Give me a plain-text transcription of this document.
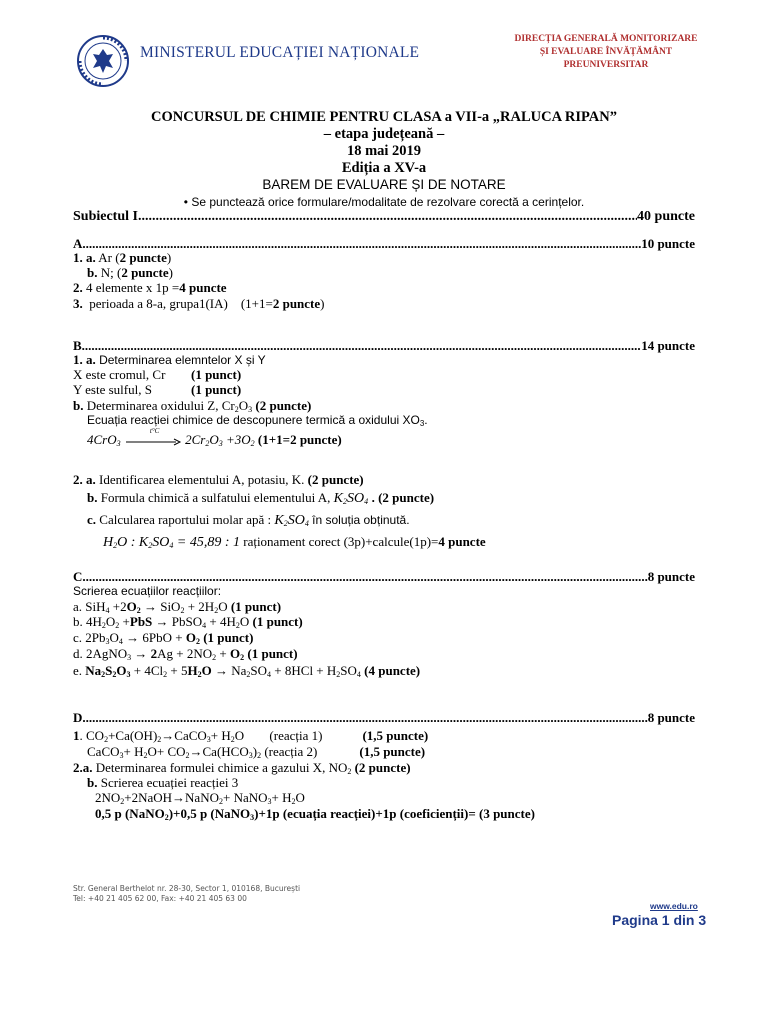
MINISTERUL EDUCAȚIEI NAȚIONALE
DIRECȚIA GENERALĂ MONITORIZARE
ȘI EVALUARE ÎNVĂȚĂMÂNT
PREUNIVERSITAR
CONCURSUL DE CHIMIE PENTRU CLASA a VII-a „RALUCA RIPAN”
– etapa județeană –
18 mai 2019
Ediția a XV-a
BAREM DE EVALUARE ȘI DE NOTARE
• Se punctează orice formulare/modalitate de rezolvare corectă a cerințelor.
Subiectul I .....	40 puncte
A. .....	10 puncte
1. a. Ar (2 puncte)
b. N; (2 puncte)
2. 4 elemente x 1p =4 puncte
3.  perioada a 8-a, grupa1(IA)    (1+1=2 puncte)
B. .....	14 puncte
1. a. Determinarea elemntelor X și Y
X este cromul, Cr (1 punct)
Y este sulful, S	(1 punct)
b. Determinarea oxidului Z, $Cr_2O_3$ (2 puncte)
Ecuația reacției chimice de descopunere termică a oxidului $XO_3$.
4CrO$_3$
t°C
$2Cr_2O_3 +3O_2$ (1+1=2 puncte)
2. a. Identificarea elementului A, potasiu, K. (2 puncte)
b. Formula chimică a sulfatului elementului A, $K_2SO_4$ . (2 puncte)
c. Calcularea raportului molar apă : $K_2SO_4$ în soluția obținută.
$H_2O$ : $K_2SO_4 = 45,89$ : 1 raționament corect (3p)+calcule(1p)=4 puncte
C. .....	8 puncte
Scrierea ecuațiilor reacțiilor:
a. $SiH_4 +2O_2 \to SiO_2 + 2H_2O$ (1 punct)
b. $4H_2O_2 +PbS$ → PbSO$_4$ + $4H_2O$ (1 punct)
c. $2Pb_3O_4 \to 6PbO + O_2$ (1 punct)
d. 2AgNO$_3$ → $2Ag + 2NO_2 + O_2$ (1 punct)
e. $Na_2S_2O_3 + 4Cl_2 + 5H_2O \to Na_2SO_4 + 8HCl + H_2SO_4$ (4 puncte)
D. .....	8 puncte
1. $CO_2+Ca(OH)_2\to CaCO_3+ H_2O$ (reacția 1)	(1,5 puncte)
CaCO$_3$+ $H_2O+ CO_2\to Ca(HCO_3)_2$ (reacția 2)	(1,5 puncte)
2.a. Determinarea formulei chimice a gazului X, $NO_2$ (2 puncte)
b. Scrierea ecuației reacției 3
$2NO_2+2NaOH\to NaNO_2+$ NaNO$_3$+ $H_2O$
0,5 p (NaNO$_2$)+0,5 p (NaNO$_3$)+1p (ecuația reacției)+1p (coeficienții)= (3 puncte)
Str. General Berthelot nr. 28-30, Sector 1, 010168, București
Tel: +40 21 405 62 00, Fax: +40 21 405 63 00
www.edu.ro
Pagina 1 din 3
